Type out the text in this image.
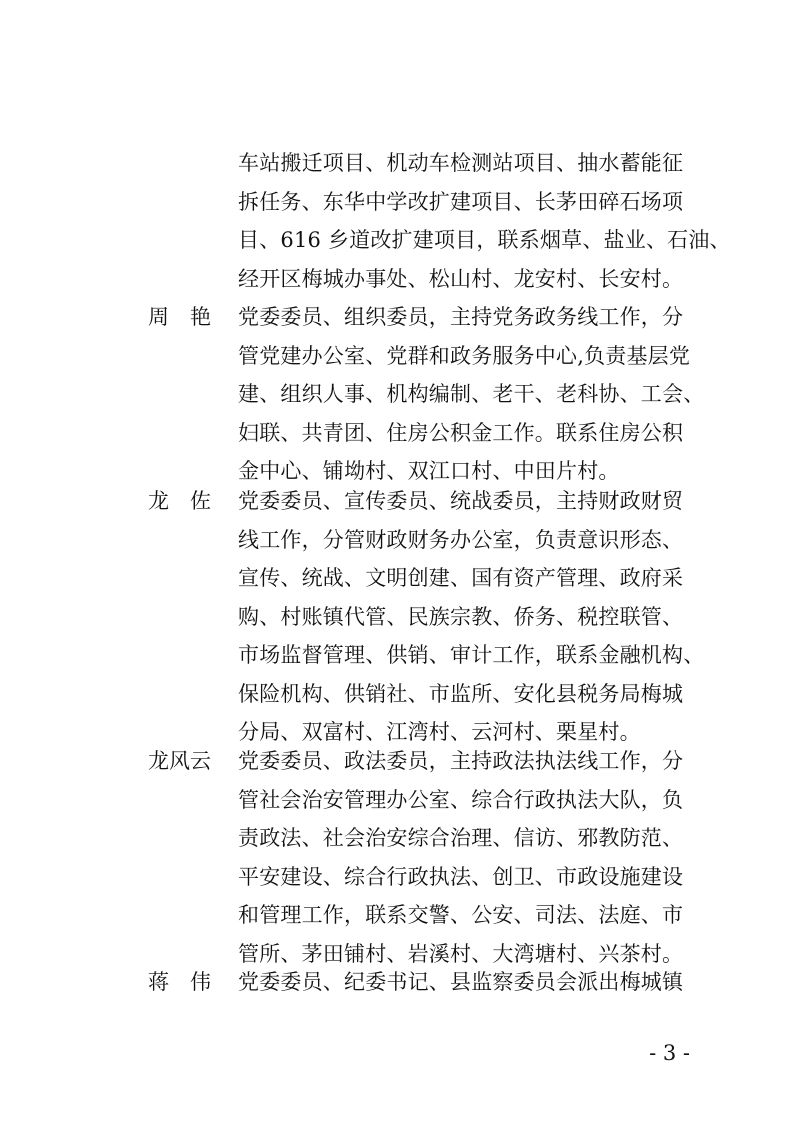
车站搬迁项目、机动车检测站项目、抽水蓄能征
拆任务、东华中学改扩建项目、长茅田碎石场项
目、616 乡道改扩建项目，联系烟草、盐业、石油、
经开区梅城办事处、松山村、龙安村、长安村。
周　艳	党委委员、组织委员，主持党务政务线工作，分
管党建办公室、党群和政务服务中心,负责基层党
建、组织人事、机构编制、老干、老科协、工会、
妇联、共青团、住房公积金工作。联系住房公积
金中心、铺坳村、双江口村、中田片村。
龙　佐	党委委员、宣传委员、统战委员，主持财政财贸
线工作，分管财政财务办公室，负责意识形态、
宣传、统战、文明创建、国有资产管理、政府采
购、村账镇代管、民族宗教、侨务、税控联管、
市场监督管理、供销、审计工作，联系金融机构、
保险机构、供销社、市监所、安化县税务局梅城
分局、双富村、江湾村、云河村、栗星村。
龙风云	党委委员、政法委员，主持政法执法线工作，分
管社会治安管理办公室、综合行政执法大队，负
责政法、社会治安综合治理、信访、邪教防范、
平安建设、综合行政执法、创卫、市政设施建设
和管理工作，联系交警、公安、司法、法庭、市
管所、茅田铺村、岩溪村、大湾塘村、兴茶村。
蒋　伟	党委委员、纪委书记、县监察委员会派出梅城镇
- 3 -
